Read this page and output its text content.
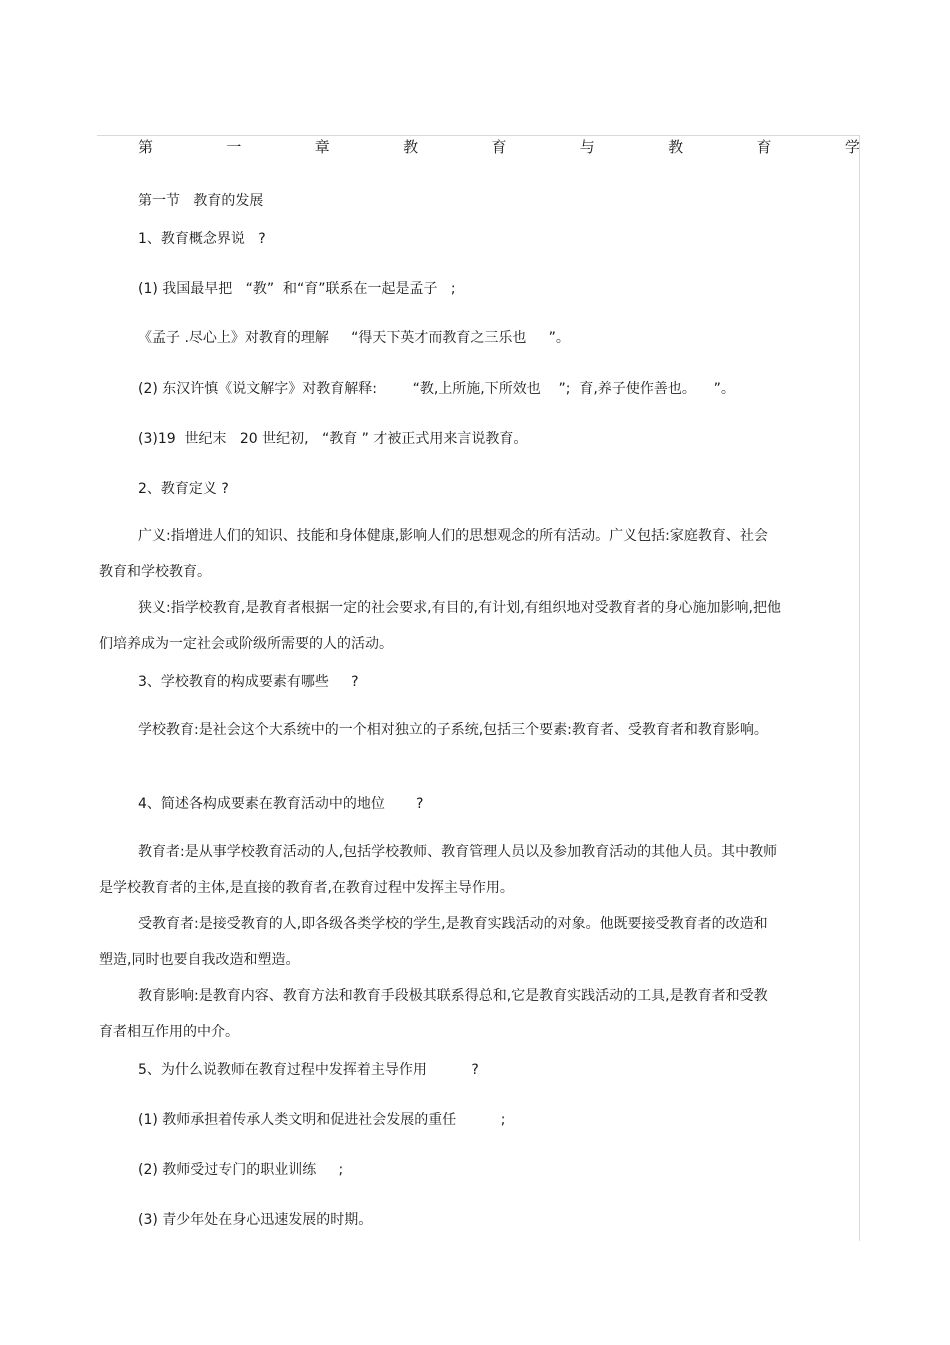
第	一	章	教	育	与	教	育	学
第一节   教育的发展
1、教育概念界说   ?
(1) 我国最早把   “教”  和“育”联系在一起是孟子   ;
《孟子 .尽心上》对教育的理解     “得天下英才而教育之三乐也     ”。
(2) 东汉许慎《说文解字》对教育解释:        “教,上所施,下所效也    ”;  育,养子使作善也。    ”。
(3)19  世纪末   20 世纪初,   “教育 ” 才被正式用来言说教育。
2、教育定义 ?

广义:指增进人们的知识、技能和身体健康,影响人们的思想观念的所有活动。广义包括:家庭教育、社会教育和学校教育。

狭义:指学校教育,是教育者根据一定的社会要求,有目的,有计划,有组织地对受教育者的身心施加影响,把他们培养成为一定社会或阶级所需要的人的活动。

3、学校教育的构成要素有哪些     ?

学校教育:是社会这个大系统中的一个相对独立的子系统,包括三个要素:教育者、受教育者和教育影响。

4、简述各构成要素在教育活动中的地位       ?

教育者:是从事学校教育活动的人,包括学校教师、教育管理人员以及参加教育活动的其他人员。其中教师是学校教育者的主体,是直接的教育者,在教育过程中发挥主导作用。

受教育者:是接受教育的人,即各级各类学校的学生,是教育实践活动的对象。他既要接受教育者的改造和塑造,同时也要自我改造和塑造。

教育影响:是教育内容、教育方法和教育手段极其联系得总和,它是教育实践活动的工具,是教育者和受教育者相互作用的中介。

5、为什么说教师在教育过程中发挥着主导作用          ?
(1) 教师承担着传承人类文明和促进社会发展的重任          ;
(2) 教师受过专门的职业训练     ;
(3) 青少年处在身心迅速发展的时期。
